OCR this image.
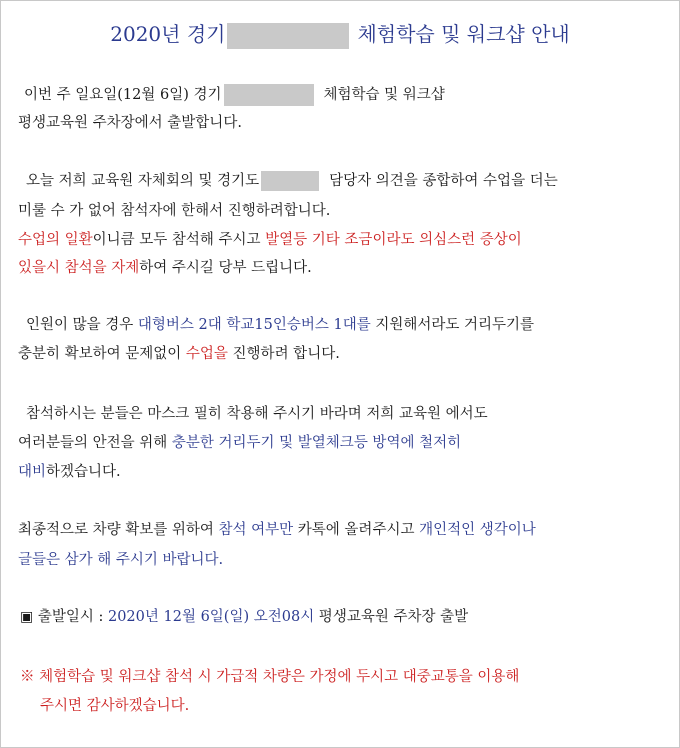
2020년 경기	체험학습 및 워크샵 안내
이번 주 일요일(12월 6일) 경기	체험학습 및 워크샵
평생교육원 주차장에서 출발합니다.
오늘 저희 교육원 자체회의 및 경기도	담당자 의견을 종합하여 수업을 더는
미룰 수 가 없어 참석자에 한해서 진행하려합니다.
수업의 일환이니큼 모두 참석해 주시고 발열등 기타 조금이라도 의심스런 증상이
있을시 참석을 자제하여 주시길 당부 드립니다.
인원이 많을 경우 대형버스 2대 학교15인승버스 1대를 지원해서라도 거리두기를
충분히 확보하여 문제없이 수업을 진행하려 합니다.
참석하시는 분들은 마스크 필히 착용해 주시기 바라며 저희 교육원 에서도
여러분들의 안전을 위해 충분한 거리두기 및 발열체크등 방역에 철저히
대비하겠습니다.
최종적으로 차량 확보를 위하여 참석 여부만 카톡에 올려주시고 개인적인 생각이나
글들은 삼가 해 주시기 바랍니다.
▣ 출발일시 : 2020년 12월 6일(일) 오전08시 평생교육원 주차장 출발
※ 체험학습 및 워크샵 참석 시 가급적 차량은 가정에 두시고 대중교통을 이용해
주시면 감사하겠습니다.
